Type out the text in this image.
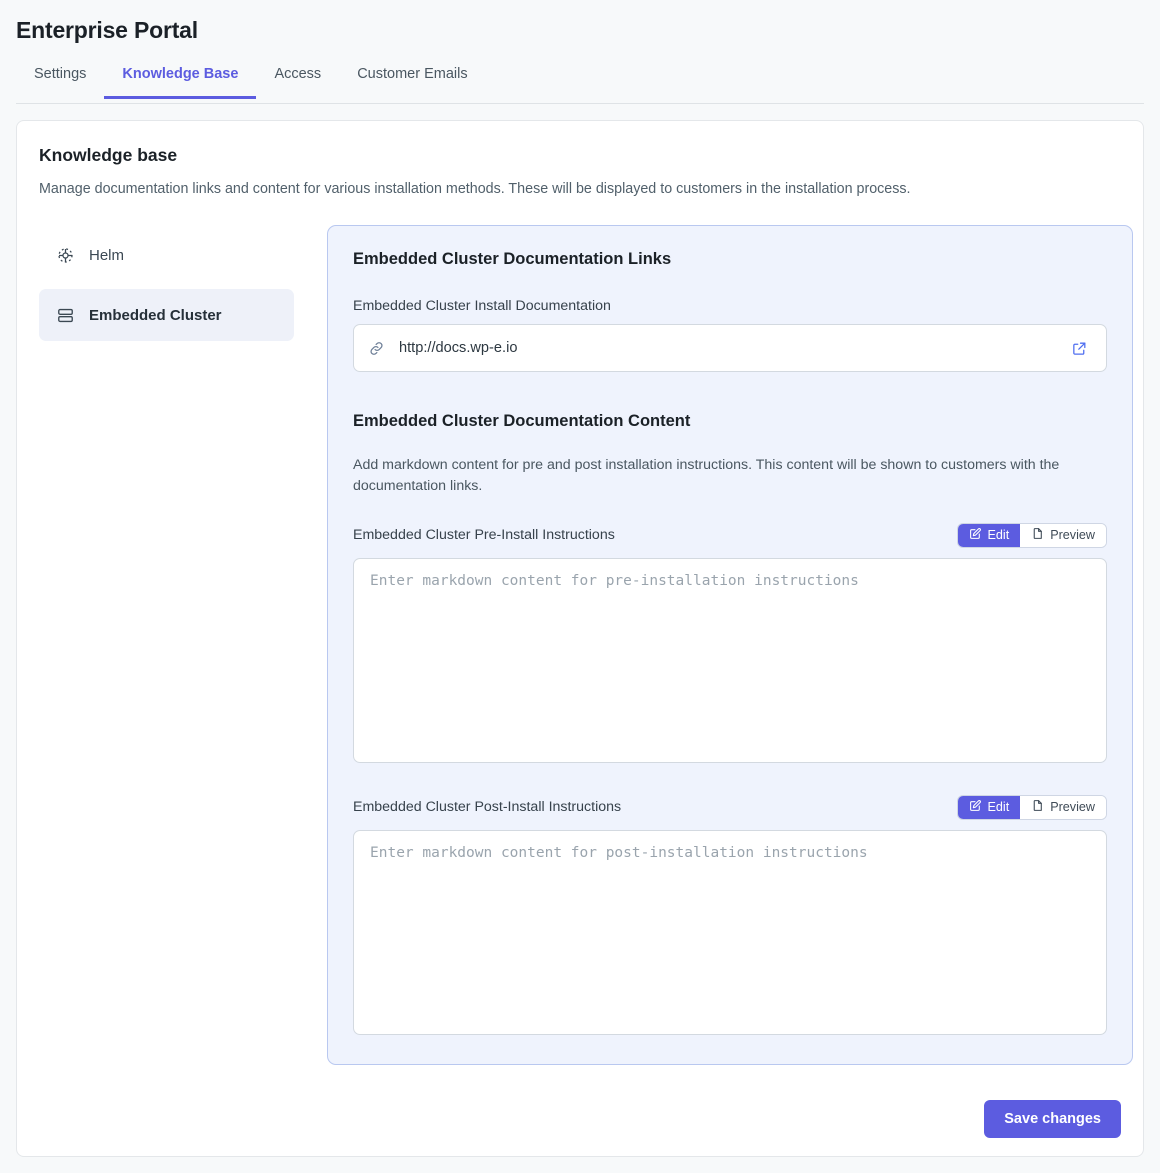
Enterprise Portal
Settings	Knowledge Base	Access	Customer Emails
Knowledge base
Manage documentation links and content for various installation methods. These will be displayed to customers in the installation process.
Helm
Embedded Cluster
Embedded Cluster Documentation Links
Embedded Cluster Install Documentation
http://docs.wp-e.io
Embedded Cluster Documentation Content
Add markdown content for pre and post installation instructions. This content will be shown to customers with the documentation links.
Embedded Cluster Pre-Install Instructions	Edit	Preview
Enter markdown content for pre-installation instructions
Embedded Cluster Post-Install Instructions	Edit	Preview
Enter markdown content for post-installation instructions
Save changes
